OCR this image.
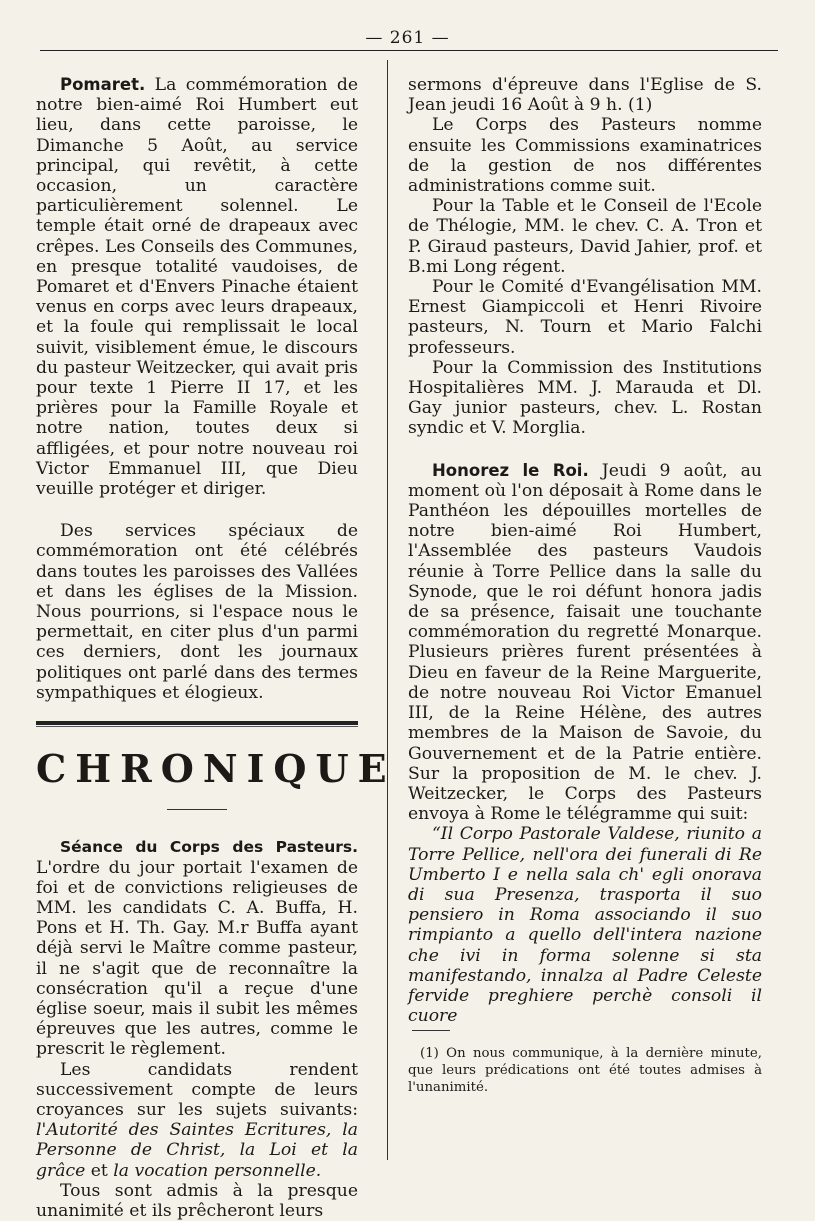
— 261 —

Pomaret. La commémoration de notre bien-aimé Roi Humbert eut lieu, dans cette paroisse, le Dimanche 5 Août, au service principal, qui revêtit, à cette occasion, un caractère particulièrement solennel. Le temple était orné de drapeaux avec crêpes. Les Conseils des Communes, en presque totalité vaudoises, de Pomaret et d'Envers Pinache étaient venus en corps avec leurs drapeaux, et la foule qui remplissait le local suivit, visiblement émue, le discours du pasteur Weitzecker, qui avait pris pour texte 1 Pierre II 17, et les prières pour la Famille Royale et notre nation, toutes deux si affligées, et pour notre nouveau roi Victor Emmanuel III, que Dieu veuille protéger et diriger.

Des services spéciaux de commémoration ont été célébrés dans toutes les paroisses des Vallées et dans les églises de la Mission. Nous pourrions, si l'espace nous le permettait, en citer plus d'un parmi ces derniers, dont les journaux politiques ont parlé dans des termes sympathiques et élogieux.

CHRONIQUE

Séance du Corps des Pasteurs. L'ordre du jour portait l'examen de foi et de convictions religieuses de MM. les candidats C. A. Buffa, H. Pons et H. Th. Gay. M.r Buffa ayant déjà servi le Maître comme pasteur, il ne s'agit que de reconnaître la consécration qu'il a reçue d'une église soeur, mais il subit les mêmes épreuves que les autres, comme le prescrit le règlement.

Les candidats rendent successivement compte de leurs croyances sur les sujets suivants: l'Autorité des Saintes Ecritures, la Personne de Christ, la Loi et la grâce et la vocation personnelle.

Tous sont admis à la presque unanimité et ils prêcheront leurs

sermons d'épreuve dans l'Eglise de S. Jean jeudi 16 Août à 9 h. (1)

Le Corps des Pasteurs nomme ensuite les Commissions examinatrices de la gestion de nos différentes administrations comme suit.

Pour la Table et le Conseil de l'Ecole de Thélogie, MM. le chev. C. A. Tron et P. Giraud pasteurs, David Jahier, prof. et B.mi Long régent.

Pour le Comité d'Evangélisation MM. Ernest Giampiccoli et Henri Rivoire pasteurs, N. Tourn et Mario Falchi professeurs.

Pour la Commission des Institutions Hospitalières MM. J. Marauda et Dl. Gay junior pasteurs, chev. L. Rostan syndic et V. Morglia.

Honorez le Roi. Jeudi 9 août, au moment où l'on déposait à Rome dans le Panthéon les dépouilles mortelles de notre bien-aimé Roi Humbert, l'Assemblée des pasteurs Vaudois réunie à Torre Pellice dans la salle du Synode, que le roi défunt honora jadis de sa présence, faisait une touchante commémoration du regretté Monarque. Plusieurs prières furent présentées à Dieu en faveur de la Reine Marguerite, de notre nouveau Roi Victor Emanuel III, de la Reine Hélène, des autres membres de la Maison de Savoie, du Gouvernement et de la Patrie entière. Sur la proposition de M. le chev. J. Weitzecker, le Corps des Pasteurs envoya à Rome le télégramme qui suit:

“Il Corpo Pastorale Valdese, riunito a Torre Pellice, nell'ora dei funerali di Re Umberto I e nella sala ch' egli onorava di sua Presenza, trasporta il suo pensiero in Roma associando il suo rimpianto a quello dell'intera nazione che ivi in forma solenne si sta manifestando, innalza al Padre Celeste fervide preghiere perchè consoli il cuore

(1) On nous communique, à la dernière minute, que leurs prédications ont été toutes admises à l'unanimité.
